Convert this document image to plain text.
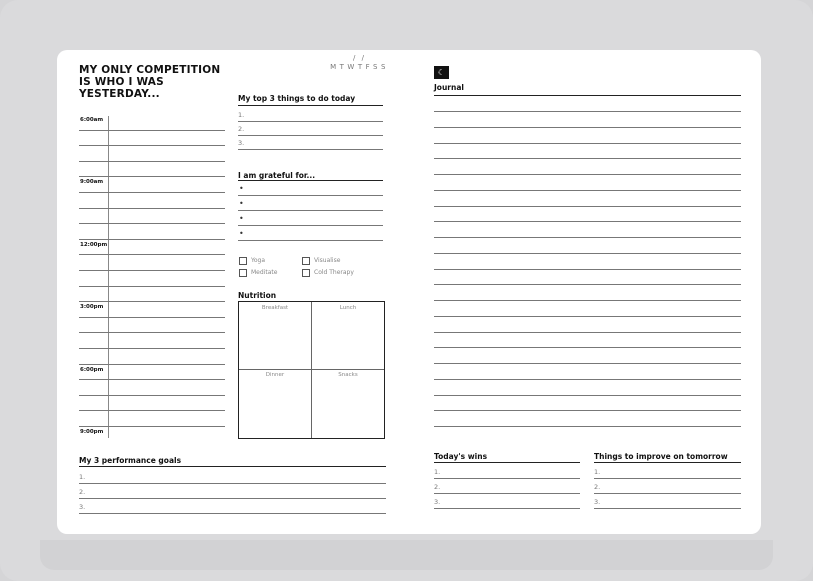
MY ONLY COMPETITION IS WHO I WAS YESTERDAY...
/ /
MTWTFSS
My top 3 things to do today
I am grateful for...
Yoga	Visualise
Meditate	Cold Therapy
Nutrition
Breakfast	Lunch
Dinner	Snacks
My 3 performance goals
☾
Journal
Today's wins	Things to improve on tomorrow
6:00am
9:00am
12:00pm
3:00pm
6:00pm
9:00pm
1.
2.
3.
•
•
•
•
1.
2.
3.
1.
2.
3.
1.
2.
3.
